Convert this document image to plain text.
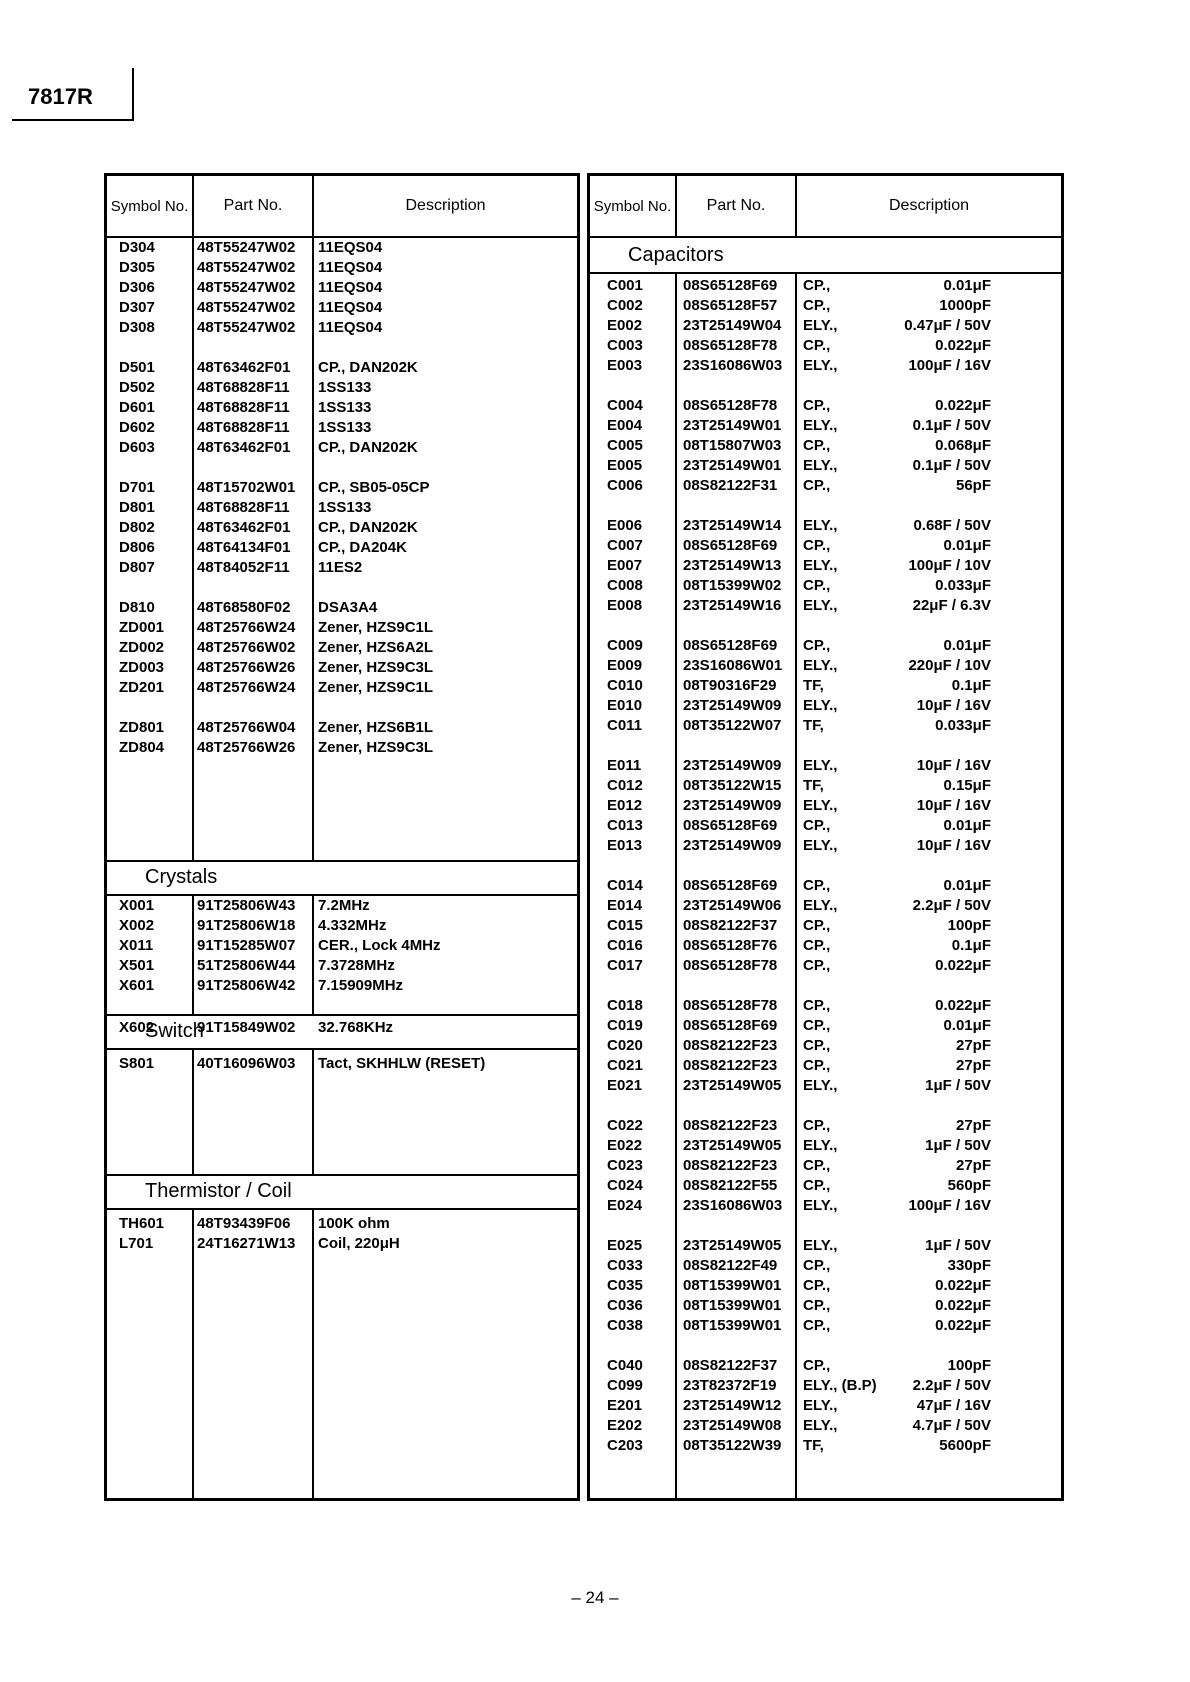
7817R
Symbol No.	Part No.	Description
Crystals
Switch
Thermistor / Coil
D304	48T55247W02 11EQS04
D305	48T55247W02 11EQS04
D306	48T55247W02 11EQS04
D307	48T55247W02 11EQS04
D308	48T55247W02 11EQS04
D501	48T63462F01 CP., DAN202K
D502	48T68828F11 1SS133
D601	48T68828F11 1SS133
D602	48T68828F11 1SS133
D603	48T63462F01 CP., DAN202K
D701	48T15702W01 CP., SB05-05CP
D801	48T68828F11 1SS133
D802	48T63462F01 CP., DAN202K
D806	48T64134F01 CP., DA204K
D807	48T84052F11 11ES2
D810	48T68580F02 DSA3A4
ZD001 48T25766W24 Zener, HZS9C1L
ZD002 48T25766W02 Zener, HZS6A2L
ZD003 48T25766W26 Zener, HZS9C3L
ZD201 48T25766W24 Zener, HZS9C1L
ZD801 48T25766W04 Zener, HZS6B1L
ZD804 48T25766W26 Zener, HZS9C3L
X001	91T25806W43 7.2MHz
X002	91T25806W18 4.332MHz
X011	91T15285W07 CER., Lock 4MHz
X501	51T25806W44 7.3728MHz
X601	91T25806W42 7.15909MHz
X602	91T15849W02 32.768KHz
S801	40T16096W03 Tact, SKHHLW (RESET)
TH601 48T93439F06 100K ohm
L701	24T16271W13 Coil, 220μH
Symbol No.	Part No.	Description
Capacitors
C001	08S65128F69 CP.,	0.01μF
C002	08S65128F57 CP.,	1000pF
E002	23T25149W04 ELY.,	0.47μF / 50V
C003	08S65128F78 CP.,	0.022μF
E003	23S16086W03 ELY.,	100μF / 16V
C004	08S65128F78 CP.,	0.022μF
E004	23T25149W01 ELY.,	0.1μF / 50V
C005	08T15807W03 CP.,	0.068μF
E005	23T25149W01 ELY.,	0.1μF / 50V
C006	08S82122F31 CP.,	56pF
E006	23T25149W14 ELY.,	0.68F / 50V
C007	08S65128F69 CP.,	0.01μF
E007	23T25149W13 ELY.,	100μF / 10V
C008	08T15399W02 CP.,	0.033μF
E008	23T25149W16 ELY.,	22μF / 6.3V
C009	08S65128F69 CP.,	0.01μF
E009	23S16086W01 ELY.,	220μF / 10V
C010	08T90316F29 TF,	0.1μF
E010	23T25149W09 ELY.,	10μF / 16V
C011	08T35122W07 TF,	0.033μF
E011	23T25149W09 ELY.,	10μF / 16V
C012	08T35122W15 TF,	0.15μF
E012	23T25149W09 ELY.,	10μF / 16V
C013	08S65128F69 CP.,	0.01μF
E013	23T25149W09 ELY.,	10μF / 16V
C014	08S65128F69 CP.,	0.01μF
E014	23T25149W06 ELY.,	2.2μF / 50V
C015	08S82122F37 CP.,	100pF
C016	08S65128F76 CP.,	0.1μF
C017	08S65128F78 CP.,	0.022μF
C018	08S65128F78 CP.,	0.022μF
C019	08S65128F69 CP.,	0.01μF
C020	08S82122F23 CP.,	27pF
C021	08S82122F23 CP.,	27pF
E021	23T25149W05 ELY.,	1μF / 50V
C022	08S82122F23 CP.,	27pF
E022	23T25149W05 ELY.,	1μF / 50V
C023	08S82122F23 CP.,	27pF
C024	08S82122F55 CP.,	560pF
E024	23S16086W03 ELY.,	100μF / 16V
E025	23T25149W05 ELY.,	1μF / 50V
C033	08S82122F49 CP.,	330pF
C035	08T15399W01 CP.,	0.022μF
C036	08T15399W01 CP.,	0.022μF
C038	08T15399W01 CP.,	0.022μF
C040	08S82122F37 CP.,	100pF
C099	23T82372F19 ELY., (B.P) 2.2μF / 50V
E201	23T25149W12 ELY.,	47μF / 16V
E202	23T25149W08 ELY.,	4.7μF / 50V
C203	08T35122W39 TF,	5600pF
– 24 –
